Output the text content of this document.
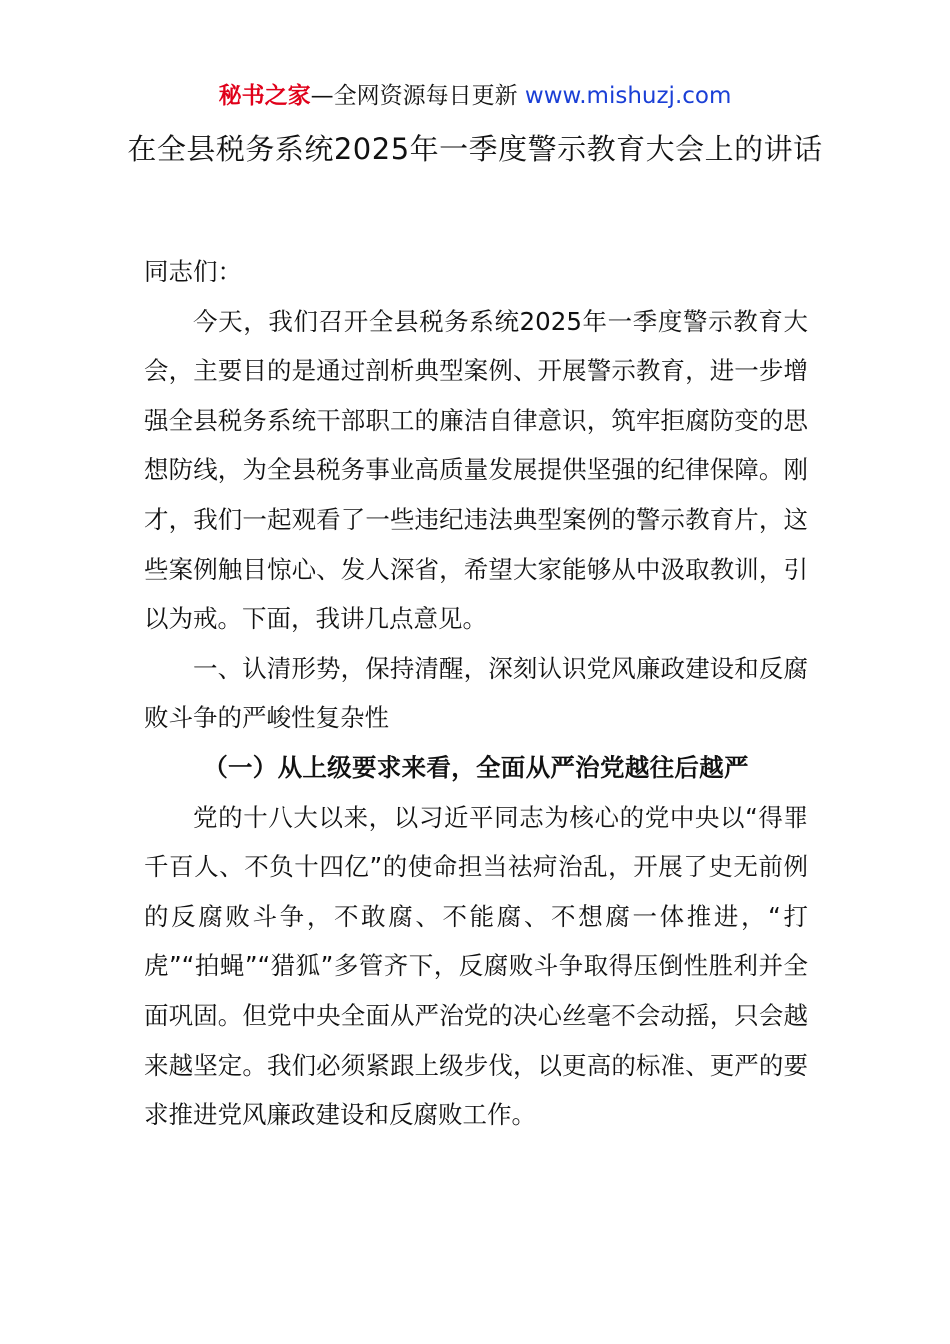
秘书之家—全网资源每日更新 www.mishuzj.com
在全县税务系统2025年一季度警示教育大会上的讲话

同志们：

今天，我们召开全县税务系统2025年一季度警示教育大会，主要目的是通过剖析典型案例、开展警示教育，进一步增强全县税务系统干部职工的廉洁自律意识，筑牢拒腐防变的思想防线，为全县税务事业高质量发展提供坚强的纪律保障。刚才，我们一起观看了一些违纪违法典型案例的警示教育片，这些案例触目惊心、发人深省，希望大家能够从中汲取教训，引以为戒。下面，我讲几点意见。

一、认清形势，保持清醒，深刻认识党风廉政建设和反腐败斗争的严峻性复杂性

（一）从上级要求来看，全面从严治党越往后越严

党的十八大以来，以习近平同志为核心的党中央以“得罪千百人、不负十四亿”的使命担当祛疴治乱，开展了史无前例的反腐败斗争，不敢腐、不能腐、不想腐一体推进，“打虎”“拍蝇”“猎狐”多管齐下，反腐败斗争取得压倒性胜利并全面巩固。但党中央全面从严治党的决心丝毫不会动摇，只会越来越坚定。我们必须紧跟上级步伐，以更高的标准、更严的要求推进党风廉政建设和反腐败工作。
